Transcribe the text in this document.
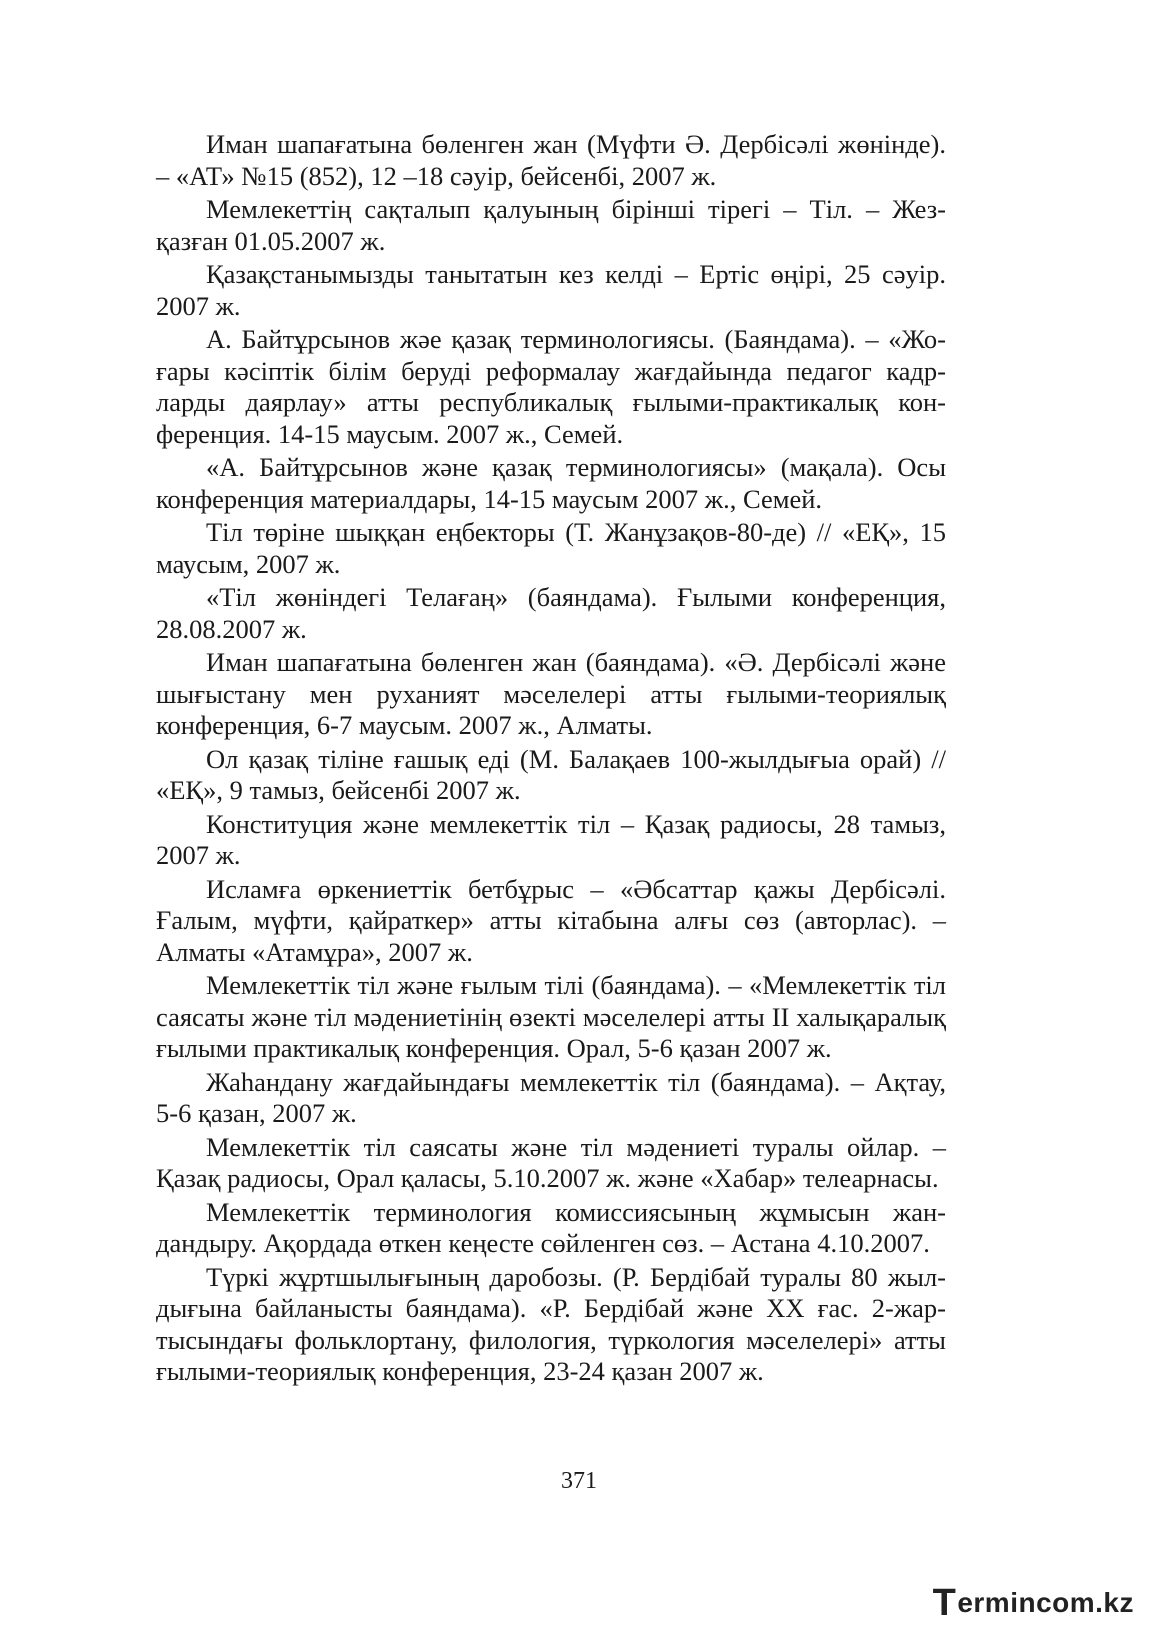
Иман шапағатына бөленген жан (Мүфти Ә. Дербісәлі жөнінде). – «АТ» №15 (852), 12 –18 сәуір, бейсенбі, 2007 ж.

Мемлекеттің сақталып қалуының бірінші тірегі – Тіл. – Жезқазған 01.05.2007 ж.

Қазақстанымызды танытатын кез келді – Ертіс өңірі, 25 сәуір. 2007 ж.

А. Байтұрсынов жәе қазақ терминологиясы. (Баяндама). – «Жоғары кәсіптік білім беруді реформалау жағдайында педагог кадрларды даярлау» атты республикалық ғылыми-практикалық конференция. 14-15 маусым. 2007 ж., Семей.

«А. Байтұрсынов және қазақ терминологиясы» (мақала). Осы конференция материалдары, 14-15 маусым 2007 ж., Семей.

Тіл төріне шыққан еңбекторы (Т. Жанұзақов-80-де) // «ЕҚ», 15 маусым, 2007 ж.

«Тіл жөніндегі Телағаң» (баяндама). Ғылыми конференция, 28.08.2007 ж.

Иман шапағатына бөленген жан (баяндама). «Ә. Дербісәлі және шығыстану мен руханият мәселелері атты ғылыми-теориялық конференция, 6-7 маусым. 2007 ж., Алматы.

Ол қазақ тіліне ғашық еді (М. Балақаев 100-жылдығыа орай) // «ЕҚ», 9 тамыз, бейсенбі 2007 ж.

Конституция және мемлекеттік тіл – Қазақ радиосы, 28 тамыз, 2007 ж.

Исламға өркениеттік бетбұрыс – «Әбсаттар қажы Дербісәлі. Ғалым, мүфти, қайраткер» атты кітабына алғы сөз (авторлас). – Алматы «Атамұра», 2007 ж.

Мемлекеттік тіл және ғылым тілі (баяндама). – «Мемлекеттік тіл саясаты және тіл мәдениетінің өзекті мәселелері атты ІІ халықаралық ғылыми практикалық конференция. Орал, 5-6 қазан 2007 ж.

Жаһандану жағдайындағы мемлекеттік тіл (баяндама). – Ақтау, 5-6 қазан, 2007 ж.

Мемлекеттік тіл саясаты және тіл мәдениеті туралы ойлар. – Қазақ радиосы, Орал қаласы, 5.10.2007 ж. және «Хабар» телеарнасы.

Мемлекеттік терминология комиссиясының жұмысын жандандыру. Ақордада өткен кеңесте сөйленген сөз. – Астана 4.10.2007.

Түркі жұртшылығының даробозы. (Р. Бердібай туралы 80 жылдығына байланысты баяндама). «Р. Бердібай және ХХ ғас. 2-жартысындағы фольклортану, филология, түркология мәселелері» атты ғылыми-теориялық конференция, 23-24 қазан 2007 ж.

371
T ermincom.kz
